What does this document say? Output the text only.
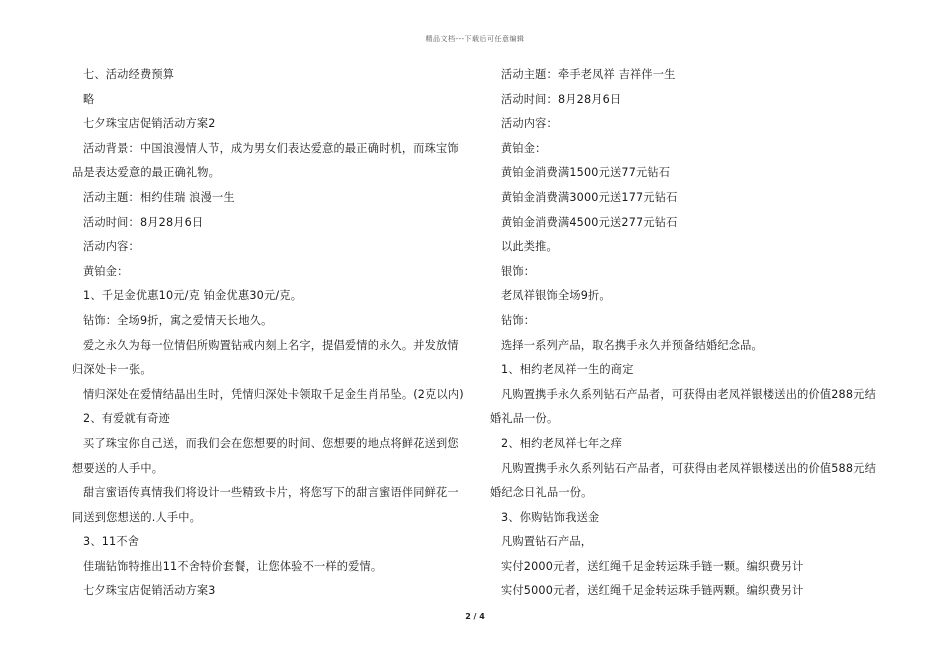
精品文档---下载后可任意编辑
七、活动经费预算
略
七夕珠宝店促销活动方案2
活动背景：中国浪漫情人节，成为男女们表达爱意的最正确时机，而珠宝饰
品是表达爱意的最正确礼物。
活动主题：相约佳瑞 浪漫一生
活动时间：8月28月6日
活动内容：
黄铂金：
1、千足金优惠10元/克 铂金优惠30元/克。
钻饰：全场9折，寓之爱情天长地久。
爱之永久为每一位情侣所购置钻戒内刻上名字，提倡爱情的永久。并发放情
归深处卡一张。
情归深处在爱情结晶出生时，凭情归深处卡领取千足金生肖吊坠。(2克以内)
2、有爱就有奇迹
买了珠宝你自己送，而我们会在您想要的时间、您想要的地点将鲜花送到您
想要送的人手中。
甜言蜜语传真情我们将设计一些精致卡片，将您写下的甜言蜜语伴同鲜花一
同送到您想送的.人手中。
3、11不舍
佳瑞钻饰特推出11不舍特价套餐，让您体验不一样的爱情。
七夕珠宝店促销活动方案3
活动主题：牵手老凤祥 吉祥伴一生
活动时间：8月28月6日
活动内容：
黄铂金：
黄铂金消费满1500元送77元钻石
黄铂金消费满3000元送177元钻石
黄铂金消费满4500元送277元钻石
以此类推。
银饰：
老凤祥银饰全场9折。
钻饰：
选择一系列产品，取名携手永久并预备结婚纪念品。
1、相约老凤祥一生的商定
凡购置携手永久系列钻石产品者，可获得由老凤祥银楼送出的价值288元结
婚礼品一份。
2、相约老凤祥七年之痒
凡购置携手永久系列钻石产品者，可获得由老凤祥银楼送出的价值588元结
婚纪念日礼品一份。
3、你购钻饰我送金
凡购置钻石产品，
实付2000元者，送红绳千足金转运珠手链一颗。编织费另计
实付5000元者，送红绳千足金转运珠手链两颗。编织费另计
2 / 4
